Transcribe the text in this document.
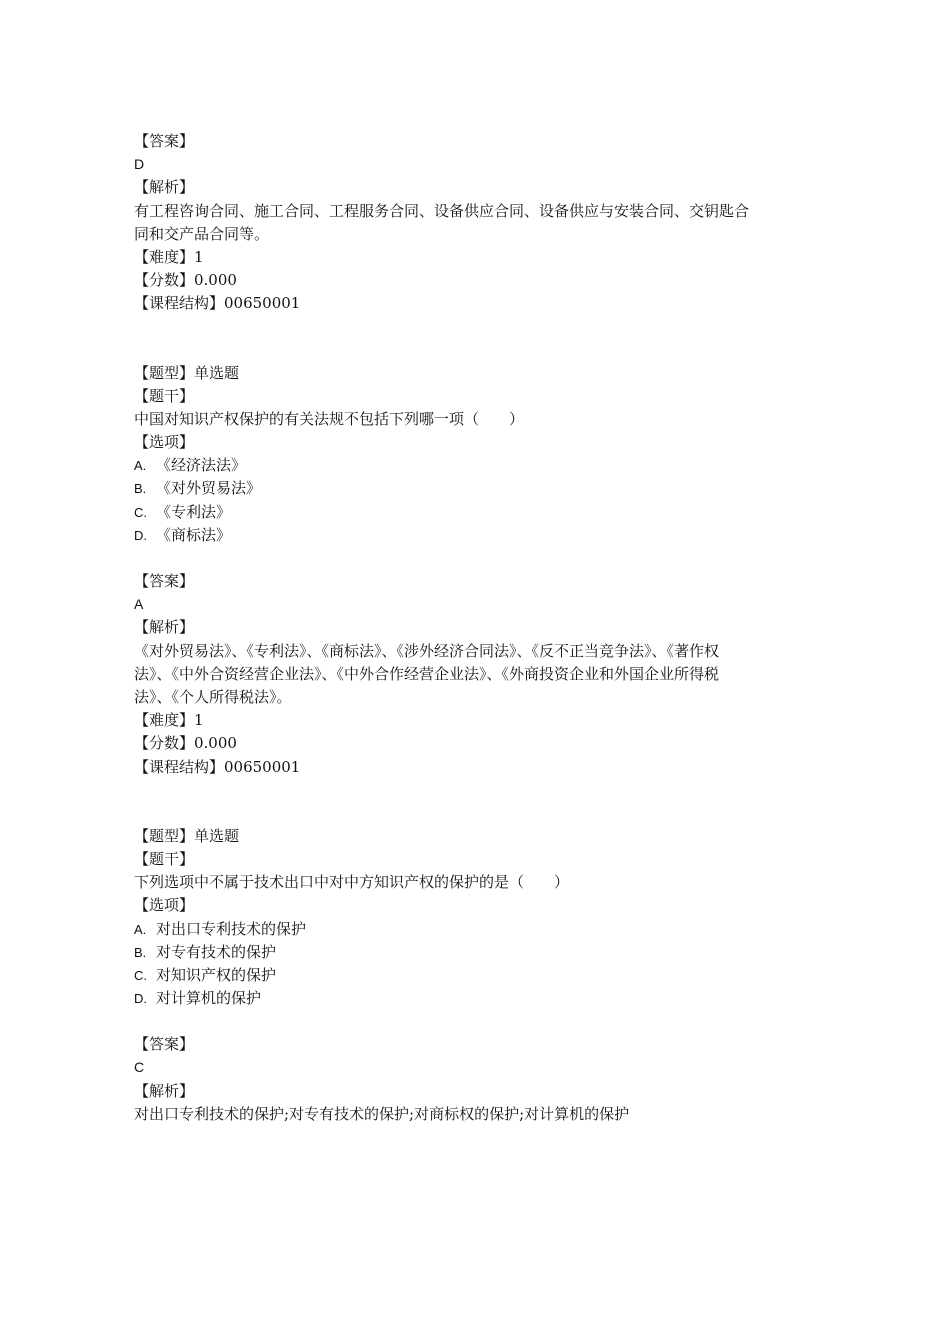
【答案】

D

【解析】

有工程咨询合同、施工合同、工程服务合同、设备供应合同、设备供应与安装合同、交钥匙合同和交产品合同等。

【难度】1

【分数】0.000

【课程结构】00650001

【题型】单选题

【题干】

中国对知识产权保护的有关法规不包括下列哪一项（　　）

【选项】

A. 《经济法法》

B. 《对外贸易法》

C. 《专利法》

D. 《商标法》

【答案】

A

【解析】

《对外贸易法》、《专利法》、《商标法》、《涉外经济合同法》、《反不正当竞争法》、《著作权法》、《中外合资经营企业法》、《中外合作经营企业法》、《外商投资企业和外国企业所得税法》、《个人所得税法》。

【难度】1

【分数】0.000

【课程结构】00650001

【题型】单选题

【题干】

下列选项中不属于技术出口中对中方知识产权的保护的是（　　）

【选项】

A. 对出口专利技术的保护

B. 对专有技术的保护

C. 对知识产权的保护

D. 对计算机的保护

【答案】

C

【解析】

对出口专利技术的保护;对专有技术的保护;对商标权的保护;对计算机的保护
